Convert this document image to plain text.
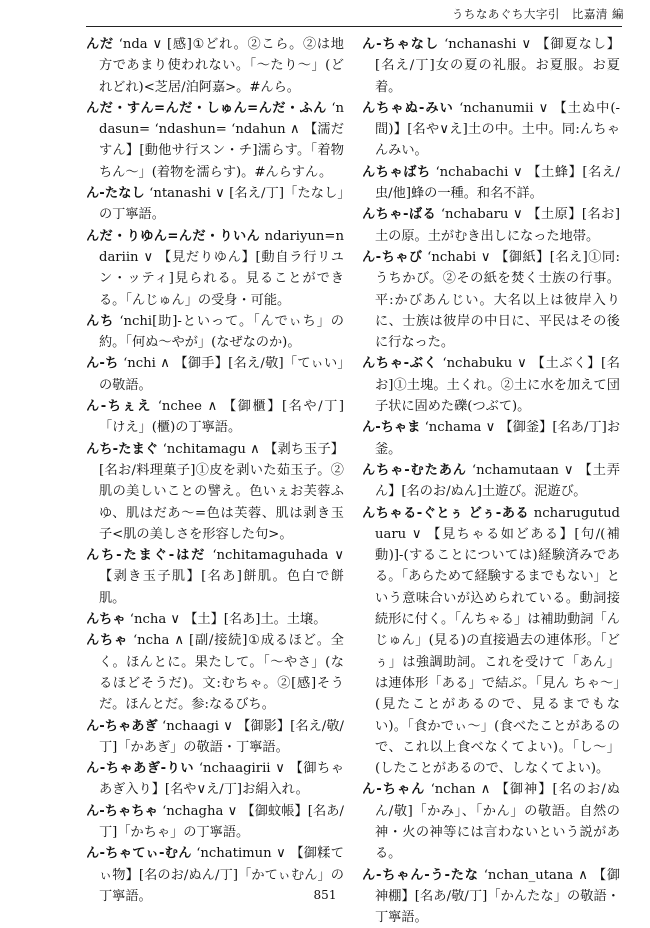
うちなあぐち大字引　比嘉清 編

んだ ‘nda ∨ [感]①どれ。②こら。②は地方であまり使われない。「〜たり〜」(どれどれ)<芝居/泊阿嘉>。#んら。

んだ・すん=んだ・しゅん=んだ・ふん ‘ndasun= ‘ndashun= ‘ndahun ∧ 【濡だすん】[動他サ行スン・チ]濡らす。「着物ちん〜」(着物を濡らす)。#んらすん。

ん-たなし ‘ntanashi ∨ [名え/丁]「たなし」の丁寧語。

んだ・りゆん=んだ・りいん ndariyun=ndariin ∨ 【見だりゆん】[動自ラ行リユン・ッティ]見られる。見ることができる。「んじゅん」の受身・可能。

んち ‘nchi[助]-といって。「んでぃち」の約。「何ぬ〜やが」(なぜなのか)。

ん-ち ‘nchi ∧ 【御手】[名え/敬]「てぃい」の敬語。

ん-ちぇえ ‘nchee ∧ 【御櫃】[名や/丁]「けえ」(櫃)の丁寧語。

んち-たまぐ ‘nchitamagu ∧ 【剥ち玉子】[名お/料理菓子]①皮を剥いた茹玉子。②肌の美しいことの譬え。色いぇお芙蓉ふゆ、肌はだあ〜=色は芙蓉、肌は剥き玉子<肌の美しさを形容した句>。

んち-たまぐ-はだ ‘nchitamaguhada ∨ 【剥き玉子肌】[名あ]餅肌。色白で餅肌。

んちゃ ‘ncha ∨ 【土】[名あ]土。土壌。

んちゃ ‘ncha ∧ [副/接続]①成るほど。全く。ほんとに。果たして。「〜やさ」(なるほどそうだ)。文:むちゃ。②[感]そうだ。ほんとだ。参:なるびち。

ん-ちゃあぎ ‘nchaagi ∨ 【御影】[名え/敬/丁]「かあぎ」の敬語・丁寧語。

ん-ちゃあぎ-りい ‘nchaagirii ∨ 【御ちゃあぎ入り】[名や∨え/丁]お絹入れ。

ん-ちゃちゃ ‘nchagha ∨ 【御蚊帳】[名あ/丁]「かちゃ」の丁寧語。

ん-ちゃてぃ-むん ‘nchatimun ∨ 【御糅てぃ物】[名のお/ぬん/丁]「かてぃむん」の丁寧語。

ん-ちゃなし ‘nchanashi ∨ 【御夏なし】[名え/丁]女の夏の礼服。お夏服。お夏着。

んちゃぬ-みい ‘nchanumii ∨ 【土ぬ中(-間)】[名や∨え]土の中。土中。同:んちゃんみい。

んちゃばち ‘nchabachi ∨ 【土蜂】[名え/虫/他]蜂の一種。和名不詳。

んちゃ-ばる ‘nchabaru ∨ 【土原】[名お]土の原。土がむき出しになった地帯。

ん-ちゃび ‘nchabi ∨ 【御紙】[名え]①同:うちかび。②その紙を焚く士族の行事。平:かびあんじい。大名以上は彼岸入りに、士族は彼岸の中日に、平民はその後に行なった。

んちゃ-ぶく ‘nchabuku ∨ 【土ぶく】[名お]①土塊。土くれ。②土に水を加えて団子状に固めた礫(つぶて)。

ん-ちゃま ‘nchama ∨ 【御釜】[名あ/丁]お釜。

んちゃ-むたあん ‘nchamutaan ∨ 【土弄ん】[名のお/ぬん]土遊び。泥遊び。

んちゃる-ぐとぅ どぅ-ある ncharugutuduaru ∨ 【見ちゃる如どある】[句/(補動)]-(することについては)経験済みである。「あらためて経験するまでもない」という意味合いが込められている。動詞接続形に付く。「んちゃる」は補助動詞「んじゅん」(見る)の直接過去の連体形。「どぅ」は強調助詞。これを受けて「あん」は連体形「ある」で結ぶ。「見ん ちゃ〜」(見たことがあるので、見るまでもない)。「食かでぃ〜」(食べたことがあるので、これ以上食べなくてよい)。「し〜」(したことがあるので、しなくてよい)。

ん-ちゃん ‘nchan ∧ 【御神】[名のお/ぬん/敬]「かみ」、「かん」の敬語。自然の神・火の神等には言わないという説がある。

ん-ちゃん-う-たな ‘nchan_utana ∧ 【御神棚】[名あ/敬/丁]「かんたな」の敬語・丁寧語。

851
